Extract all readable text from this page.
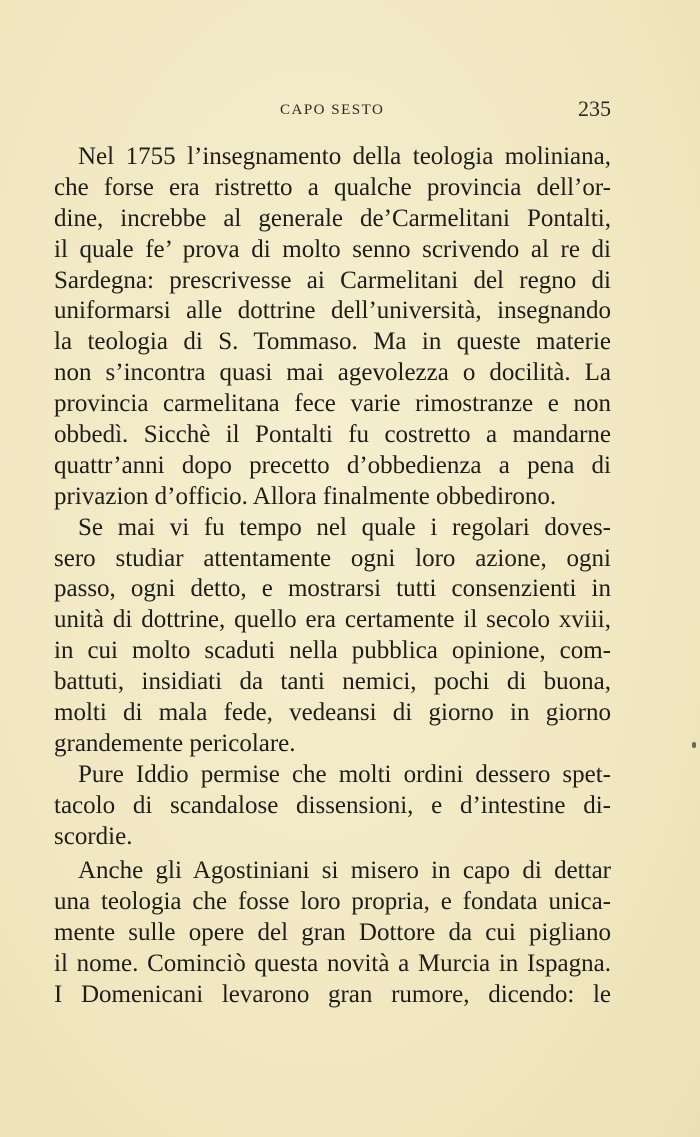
CAPO SESTO	235
Nel 1755 l’insegnamento della teologia moliniana,
che forse era ristretto a qualche provincia dell’or-
dine, increbbe al generale de’Carmelitani Pontalti,
il quale fe’ prova di molto senno scrivendo al re di
Sardegna: prescrivesse ai Carmelitani del regno di
uniformarsi alle dottrine dell’università, insegnando
la teologia di S. Tommaso. Ma in queste materie
non s’incontra quasi mai agevolezza o docilità. La
provincia carmelitana fece varie rimostranze e non
obbedì. Sicchè il Pontalti fu costretto a mandarne
quattr’anni dopo precetto d’obbedienza a pena di
privazion d’officio. Allora finalmente obbedirono.
Se mai vi fu tempo nel quale i regolari doves-
sero studiar attentamente ogni loro azione, ogni
passo, ogni detto, e mostrarsi tutti consenzienti in
unità di dottrine, quello era certamente il secolo xviii,
in cui molto scaduti nella pubblica opinione, com-
battuti, insidiati da tanti nemici, pochi di buona,
molti di mala fede, vedeansi di giorno in giorno
grandemente pericolare.
Pure Iddio permise che molti ordini dessero spet-
tacolo di scandalose dissensioni, e d’intestine di-
scordie.
Anche gli Agostiniani si misero in capo di dettar
una teologia che fosse loro propria, e fondata unica-
mente sulle opere del gran Dottore da cui pigliano
il nome. Cominciò questa novità a Murcia in Ispagna.
I Domenicani levarono gran rumore, dicendo: le
